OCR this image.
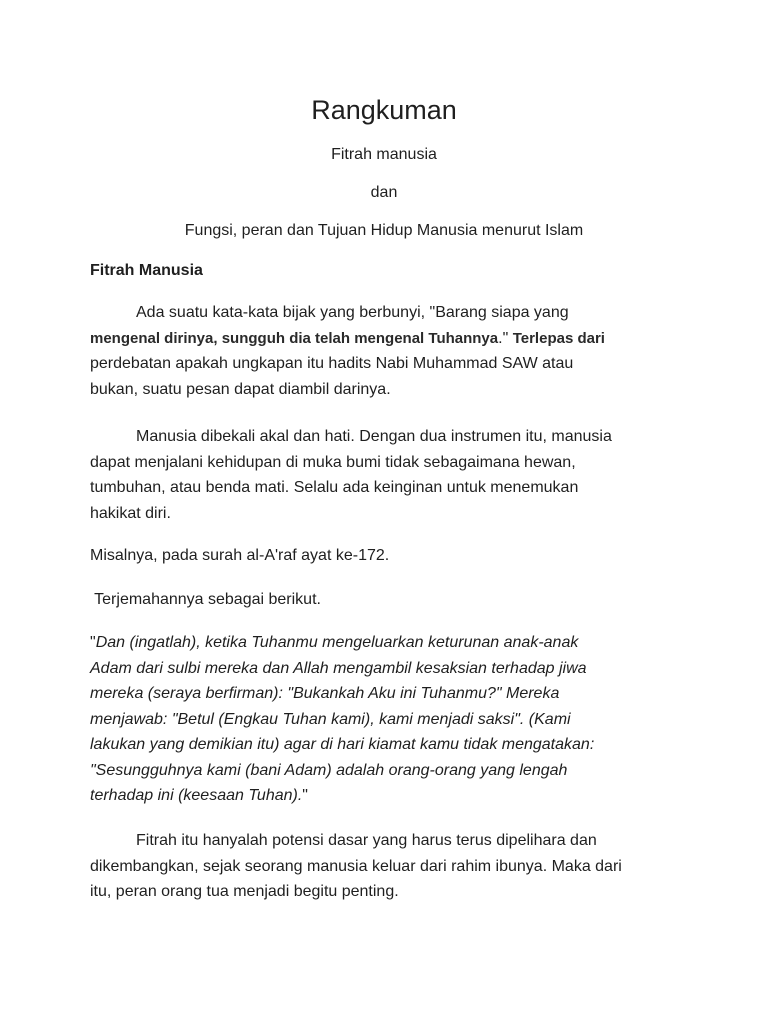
Rangkuman
Fitrah manusia
dan
Fungsi, peran dan Tujuan Hidup Manusia menurut Islam
Fitrah Manusia
Ada suatu kata-kata bijak yang berbunyi, "Barang siapa yang
mengenal dirinya, sungguh dia telah mengenal Tuhannya." Terlepas dari
perdebatan apakah ungkapan itu hadits Nabi Muhammad SAW atau
bukan, suatu pesan dapat diambil darinya.
Manusia dibekali akal dan hati. Dengan dua instrumen itu, manusia
dapat menjalani kehidupan di muka bumi tidak sebagaimana hewan,
tumbuhan, atau benda mati. Selalu ada keinginan untuk menemukan
hakikat diri.
Misalnya, pada surah al-A'raf ayat ke-172.
Terjemahannya sebagai berikut.
"Dan (ingatlah), ketika Tuhanmu mengeluarkan keturunan anak-anak
Adam dari sulbi mereka dan Allah mengambil kesaksian terhadap jiwa
mereka (seraya berfirman): "Bukankah Aku ini Tuhanmu?" Mereka
menjawab: "Betul (Engkau Tuhan kami), kami menjadi saksi". (Kami
lakukan yang demikian itu) agar di hari kiamat kamu tidak mengatakan:
"Sesungguhnya kami (bani Adam) adalah orang-orang yang lengah
terhadap ini (keesaan Tuhan)."
Fitrah itu hanyalah potensi dasar yang harus terus dipelihara dan
dikembangkan, sejak seorang manusia keluar dari rahim ibunya. Maka dari
itu, peran orang tua menjadi begitu penting.
